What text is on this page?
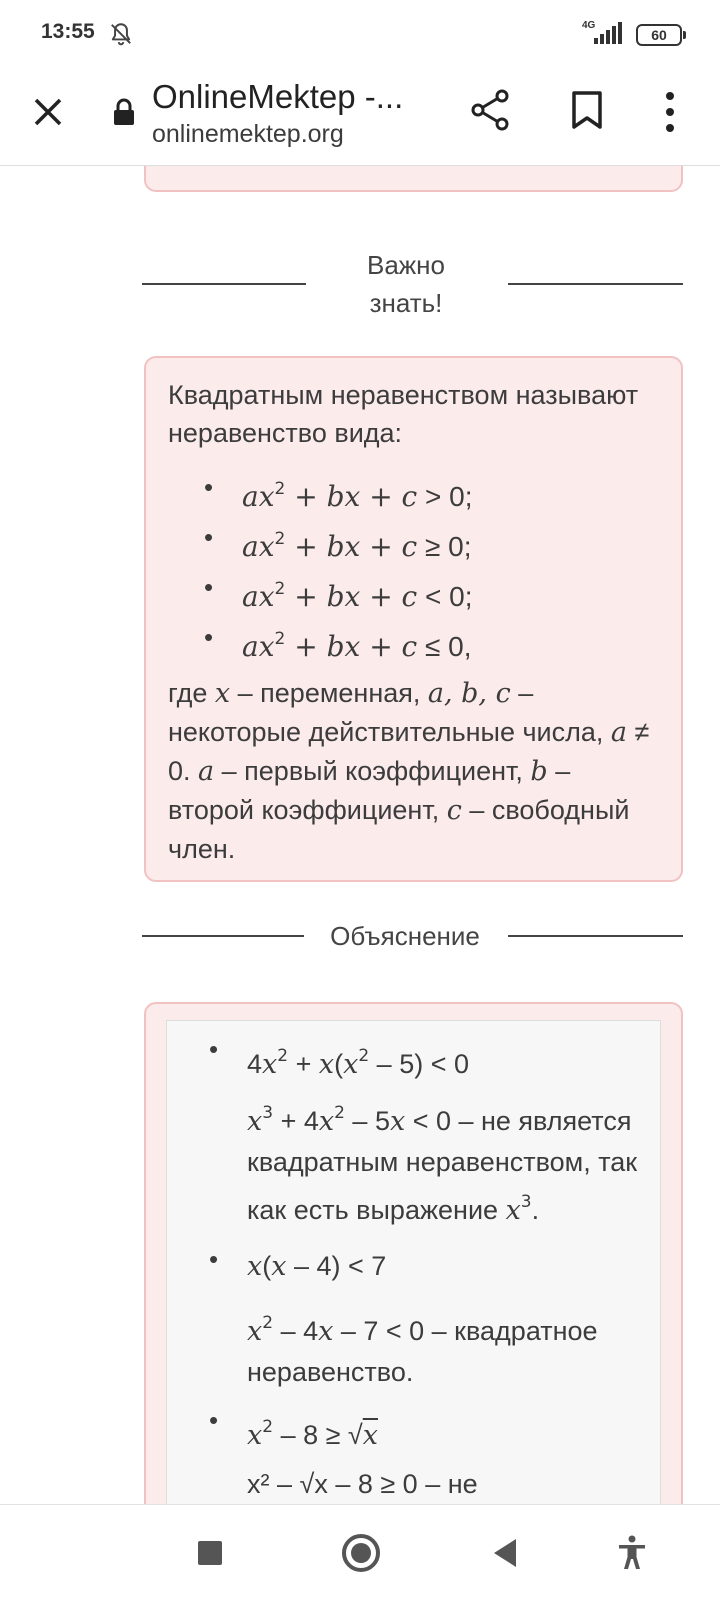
13:55	4G
60
OnlineMektep -...
onlinemektep.org
Важно
знать!
Квадратным неравенством называют неравенство вида:
• $ax^2$ + bx + c > 0;
• $ax^2$ + bx + c ≥ 0;
• $ax^2$ + bx + c < 0;
• $ax^2$ + bx + c ≤ 0,
где x – переменная, a, b, c – некоторые действительные числа, a ≠ 0. a – первый коэффициент, b – второй коэффициент, c – свободный член.
Объяснение
• $4x^2 + x(x^2 - 5) < 0$
$x^3 + 4x^2 - 5x < 0$ – не является квадратным неравенством, так как есть выражение $x^3$.
• x(x – 4) < 7
$x^2 - 4x - 7 < 0$ – квадратное неравенство.
• $x^2 - 8 \ge √x$
x² – √x – 8 ≥ 0 – не
